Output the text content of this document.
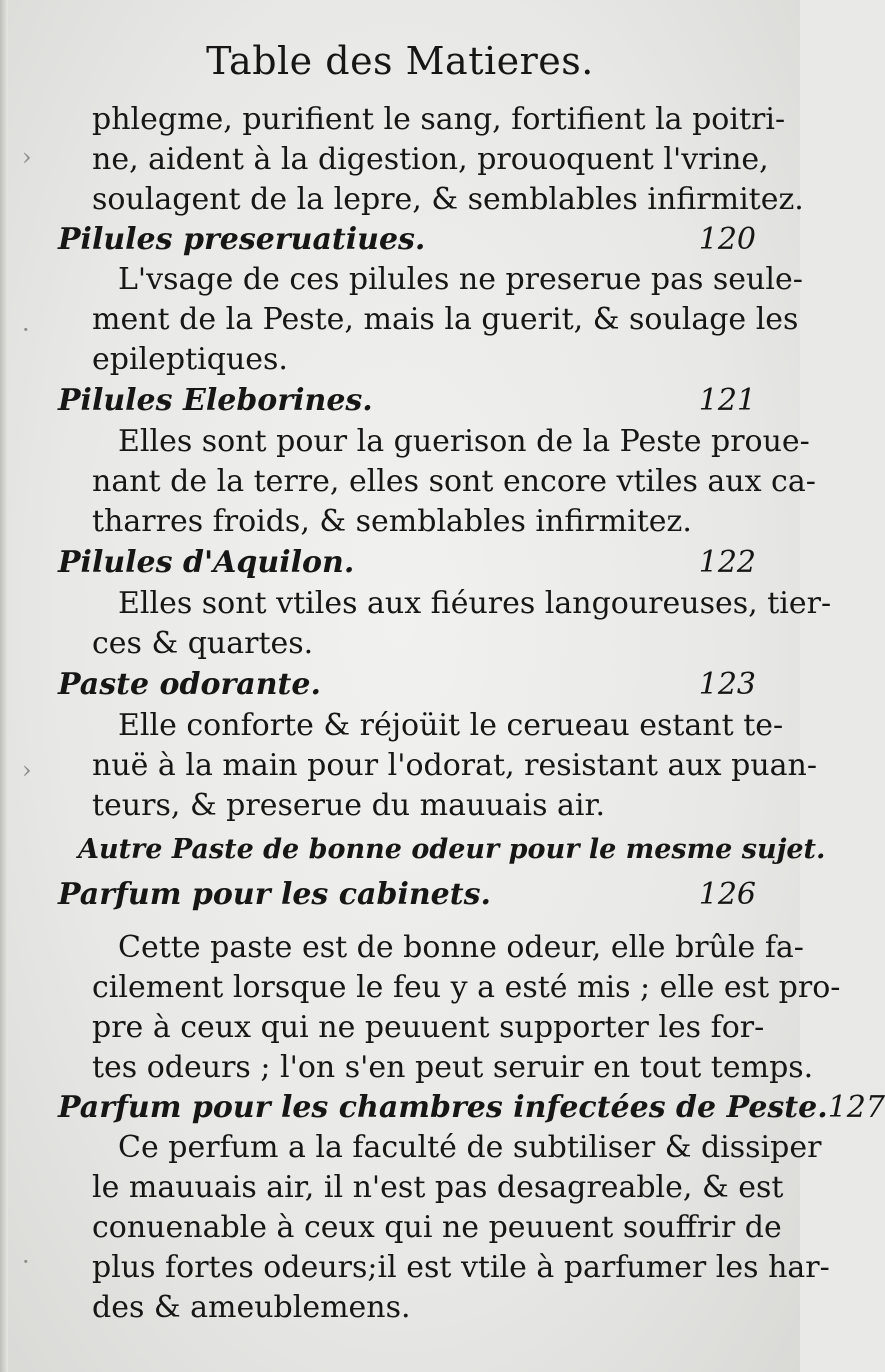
Table des Matieres.
phlegme, purifient le sang, fortifient la poitri-
ne, aident à la digestion, prouoquent l'vrine,
soulagent de la lepre, & semblables infirmitez.
Pilules preseruatiues.	120
L'vsage de ces pilules ne preserue pas seule-
ment de la Peste, mais la guerit, & soulage les
epileptiques.
Pilules Eleborines.	121
Elles sont pour la guerison de la Peste proue-
nant de la terre, elles sont encore vtiles aux ca-
tharres froids, & semblables infirmitez.
Pilules d'Aquilon.	122
Elles sont vtiles aux fiéures langoureuses, tier-
ces & quartes.
Paste odorante.	123
Elle conforte & réjoüit le cerueau estant te-
nuë à la main pour l'odorat, resistant aux puan-
teurs, & preserue du mauuais air.
Autre Paste de bonne odeur pour le mesme sujet.
Parfum pour les cabinets.	126
Cette paste est de bonne odeur, elle brûle fa-
cilement lorsque le feu y a esté mis ; elle est pro-
pre à ceux qui ne peuuent supporter les for-
tes odeurs ; l'on s'en peut seruir en tout temps.
Parfum pour les chambres infectées de Peste. 127
Ce perfum a la faculté de subtiliser & dissiper
le mauuais air, il n'est pas desagreable, & est
conuenable à ceux qui ne peuuent souffrir de
plus fortes odeurs;il est vtile à parfumer les har-
des & ameublemens.
›
·
›
·
